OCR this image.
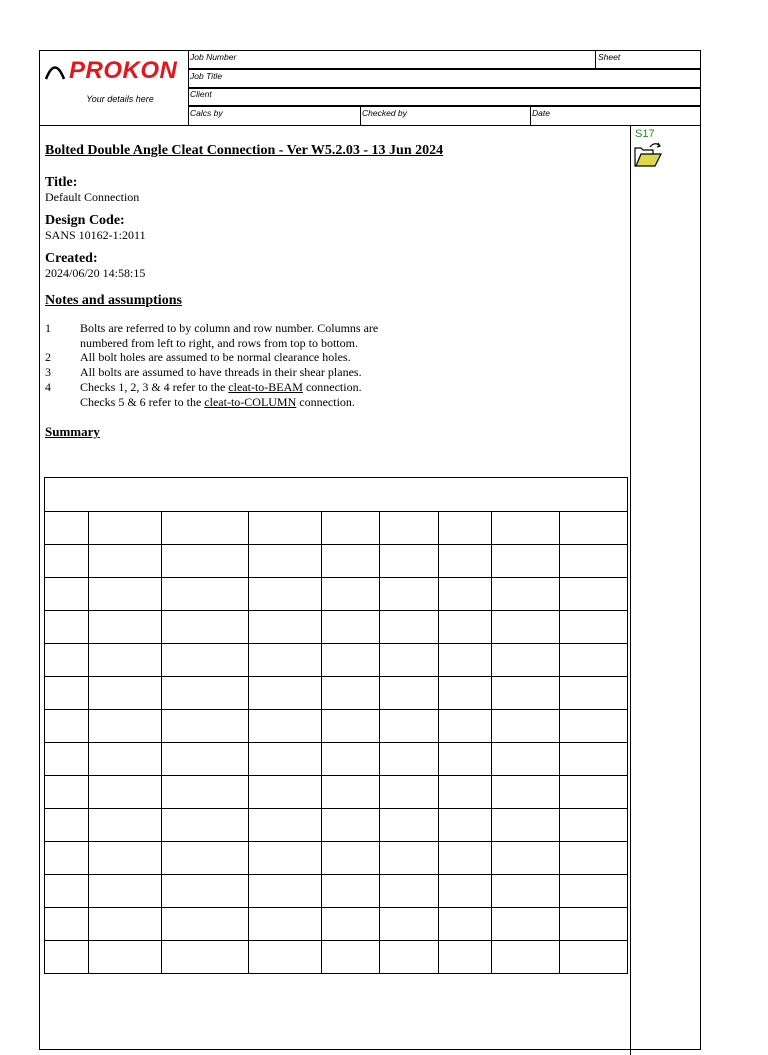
PROKON
Your details here
Job Number	Sheet
Job Title
Client
Calcs by	Checked by	Date
S17

Bolted Double Angle Cleat Connection - Ver W5.2.03 - 13 Jun 2024

Title:

Default Connection

Design Code:

SANS 10162-1:2011

Created:

2024/06/20 14:58:15

Notes and assumptions

1	Bolts are referred to by column and row number. Columns are
numbered from left to right, and rows from top to bottom.
2	All bolt holes are assumed to be normal clearance holes.
3	All bolts are assumed to have threads in their shear planes.
4	Checks 1, 2, 3 & 4 refer to the cleat-to-BEAM connection.
Checks 5 & 6 refer to the cleat-to-COLUMN connection.

Summary
